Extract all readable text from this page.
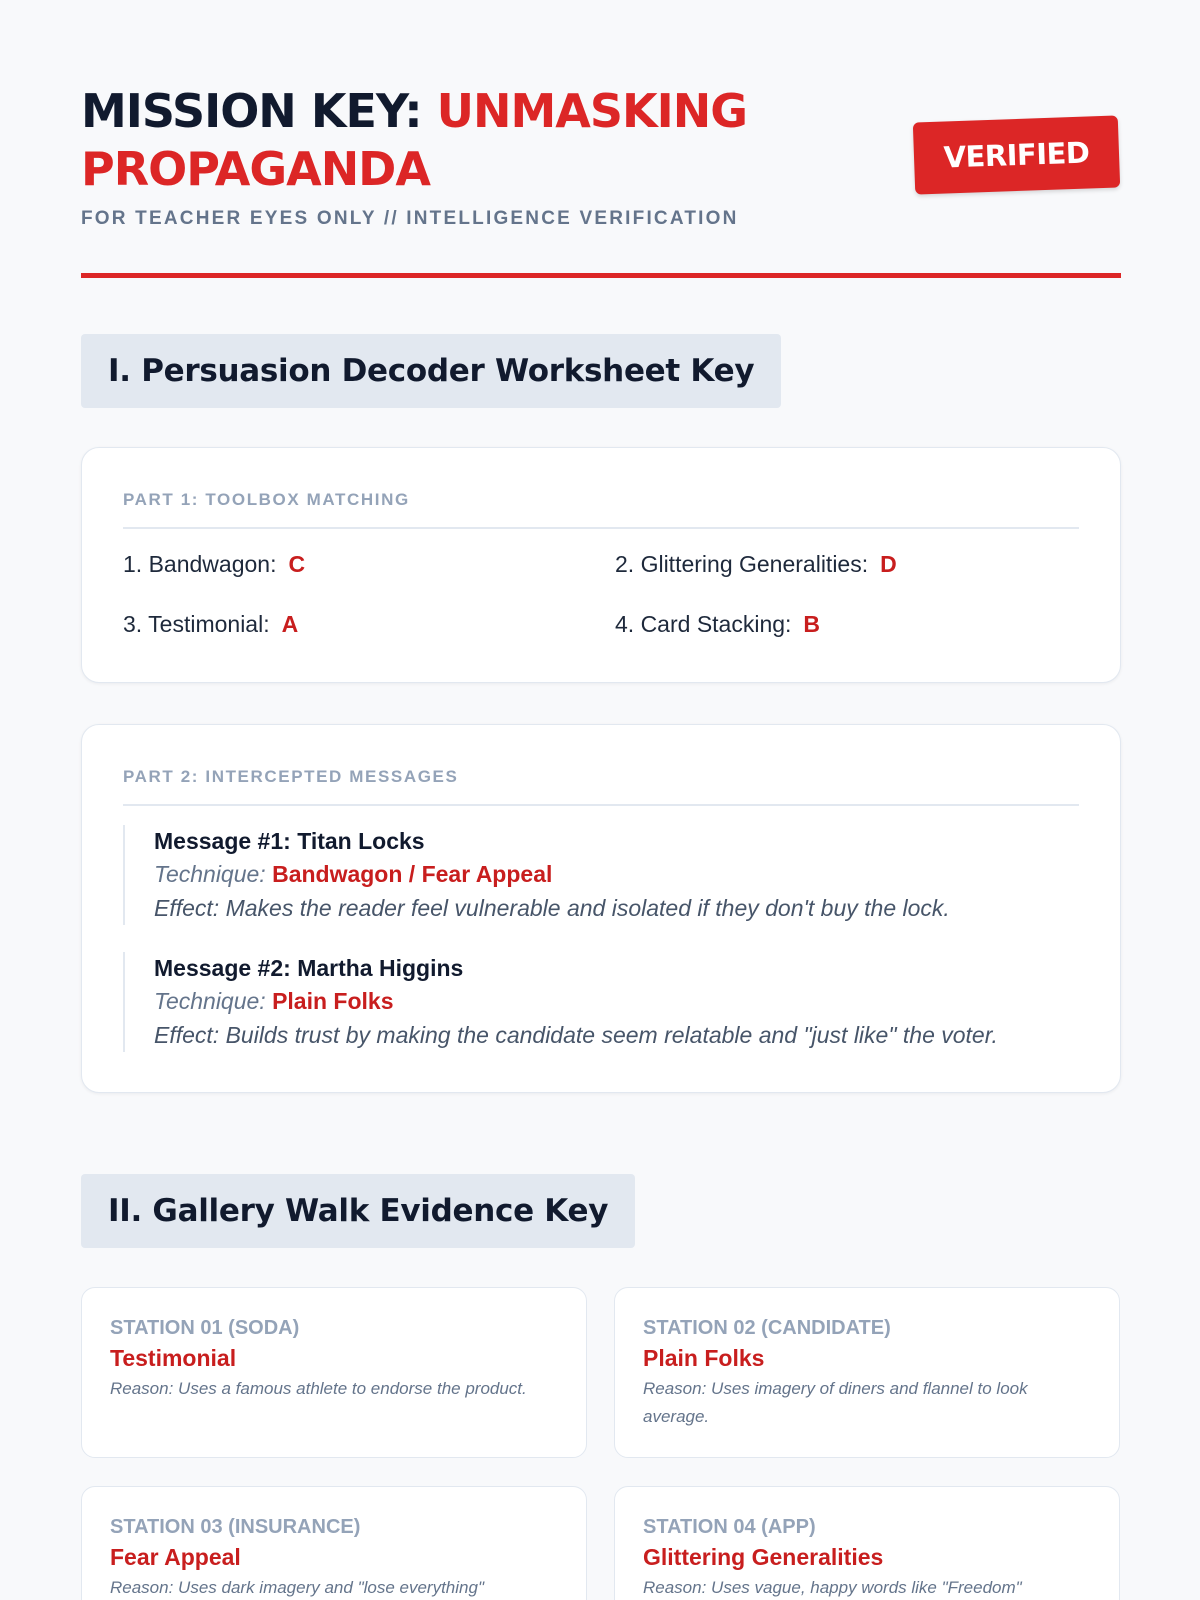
MISSION KEY: UNMASKING PROPAGANDA
FOR TEACHER EYES ONLY // INTELLIGENCE VERIFICATION
VERIFIED
I. Persuasion Decoder Worksheet Key
PART 1: TOOLBOX MATCHING
1. Bandwagon: C	2. Glittering Generalities: D
3. Testimonial: A	4. Card Stacking: B
PART 2: INTERCEPTED MESSAGES
Message #1: Titan Locks
Technique: Bandwagon / Fear Appeal
Effect: Makes the reader feel vulnerable and isolated if they don't buy the lock.
Message #2: Martha Higgins
Technique: Plain Folks
Effect: Builds trust by making the candidate seem relatable and "just like" the voter.
II. Gallery Walk Evidence Key
STATION 01 (SODA)
Testimonial
Reason: Uses a famous athlete to endorse the product.
STATION 02 (CANDIDATE)
Plain Folks
Reason: Uses imagery of diners and flannel to look average.
STATION 03 (INSURANCE)
Fear Appeal
Reason: Uses dark imagery and "lose everything"
STATION 04 (APP)
Glittering Generalities
Reason: Uses vague, happy words like "Freedom"
